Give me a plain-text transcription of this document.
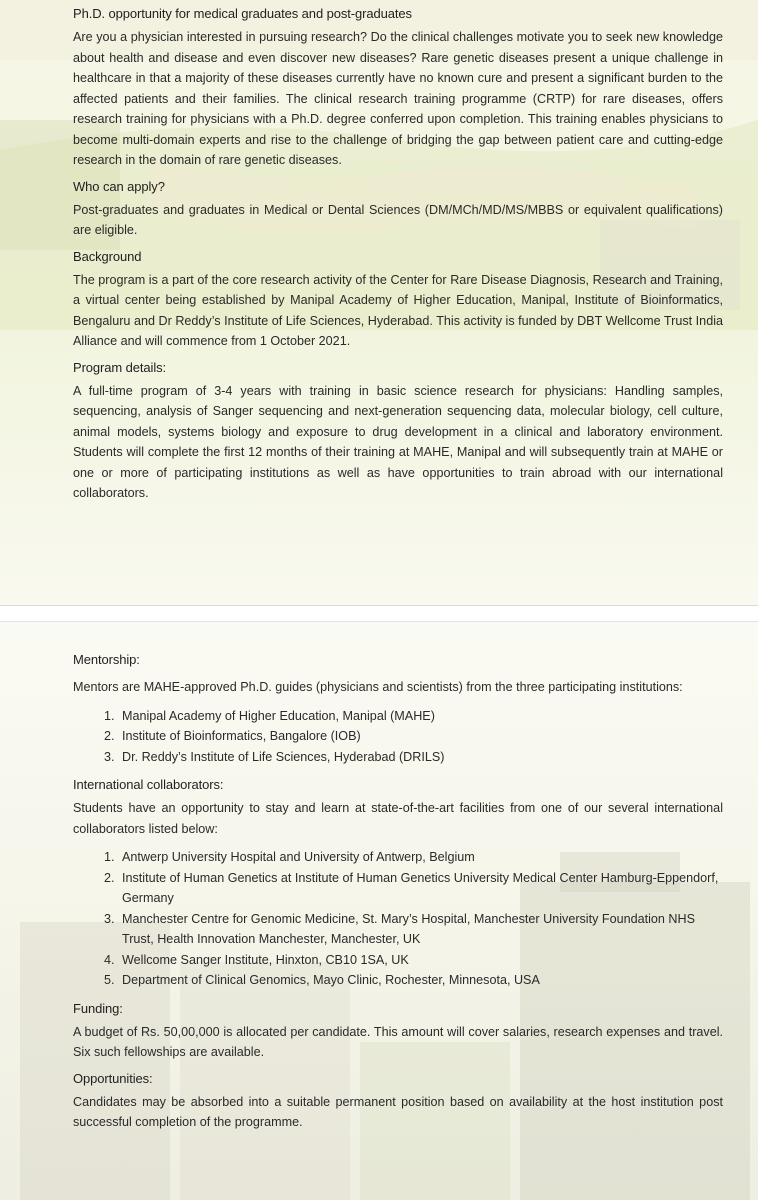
Ph.D. opportunity for medical graduates and post-graduates

Are you a physician interested in pursuing research? Do the clinical challenges motivate you to seek new knowledge about health and disease and even discover new diseases? Rare genetic diseases present a unique challenge in healthcare in that a majority of these diseases currently have no known cure and present a significant burden to the affected patients and their families. The clinical research training programme (CRTP) for rare diseases, offers research training for physicians with a Ph.D. degree conferred upon completion. This training enables physicians to become multi-domain experts and rise to the challenge of bridging the gap between patient care and cutting-edge research in the domain of rare genetic diseases.

Who can apply?

Post-graduates and graduates in Medical or Dental Sciences (DM/MCh/MD/MS/MBBS or equivalent qualifications) are eligible.

Background

The program is a part of the core research activity of the Center for Rare Disease Diagnosis, Research and Training, a virtual center being established by Manipal Academy of Higher Education, Manipal, Institute of Bioinformatics, Bengaluru and Dr Reddy’s Institute of Life Sciences, Hyderabad. This activity is funded by DBT Wellcome Trust India Alliance and will commence from 1 October 2021.

Program details:

A full-time program of 3-4 years with training in basic science research for physicians: Handling samples, sequencing, analysis of Sanger sequencing and next-generation sequencing data, molecular biology, cell culture, animal models, systems biology and exposure to drug development in a clinical and laboratory environment. Students will complete the first 12 months of their training at MAHE, Manipal and will subsequently train at MAHE or one or more of participating institutions as well as have opportunities to train abroad with our international collaborators.

Mentorship:

Mentors are MAHE-approved Ph.D. guides (physicians and scientists) from the three participating institutions:

1. Manipal Academy of Higher Education, Manipal (MAHE)
2. Institute of Bioinformatics, Bangalore (IOB)
3. Dr. Reddy’s Institute of Life Sciences, Hyderabad (DRILS)
International collaborators:

Students have an opportunity to stay and learn at state-of-the-art facilities from one of our several international collaborators listed below:

1. Antwerp University Hospital and University of Antwerp, Belgium
2. Institute of Human Genetics at Institute of Human Genetics University Medical Center Hamburg-Eppendorf, Germany
3. Manchester Centre for Genomic Medicine, St. Mary’s Hospital, Manchester University Foundation NHS Trust, Health Innovation Manchester, Manchester, UK
4. Wellcome Sanger Institute, Hinxton, CB10 1SA, UK
5. Department of Clinical Genomics, Mayo Clinic, Rochester, Minnesota, USA
Funding:

A budget of Rs. 50,00,000 is allocated per candidate. This amount will cover salaries, research expenses and travel. Six such fellowships are available.

Opportunities:

Candidates may be absorbed into a suitable permanent position based on availability at the host institution post successful completion of the programme.
